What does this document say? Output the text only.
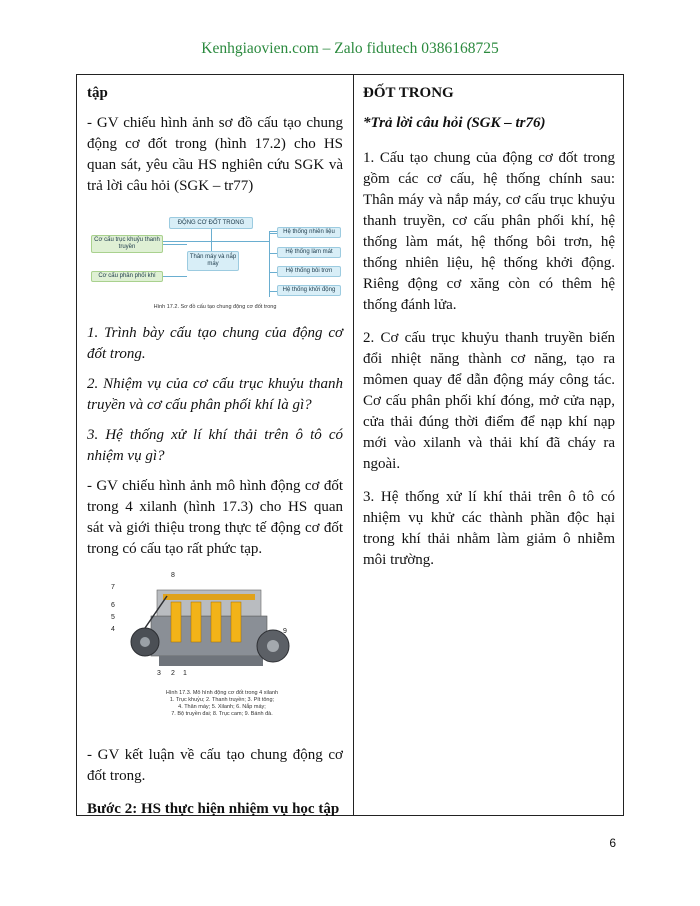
Kenhgiaovien.com – Zalo fidutech 0386168725

tập

- GV chiếu hình ảnh sơ đồ cấu tạo chung động cơ đốt trong (hình 17.2) cho HS quan sát, yêu cầu HS nghiên cứu SGK và trả lời câu hỏi (SGK – tr77)

ĐỘNG CƠ ĐỐT TRONG
Cơ cấu trục khuỷu thanh truyền
Thân máy và nắp máy
Cơ cấu phân phối khí
Hệ thống nhiên liệu
Hệ thống làm mát
Hệ thống bôi trơn
Hệ thống khởi động
Hình 17.2. Sơ đồ cấu tạo chung động cơ đốt trong

1. Trình bày cấu tạo chung của động cơ đốt trong.

2. Nhiệm vụ của cơ cấu trục khuỷu thanh truyền và cơ cấu phân phối khí là gì?

3. Hệ thống xử lí khí thải trên ô tô có nhiệm vụ gì?

- GV chiếu hình ảnh mô hình động cơ đốt trong 4 xilanh (hình 17.3) cho HS quan sát và giới thiệu trong thực tế động cơ đốt trong có cấu tạo rất phức tạp.

7
8
6
5
4	9
3 2 1
Hình 17.3. Mô hình động cơ đốt trong 4 xilanh
1. Trục khuỷu; 2. Thanh truyền; 3. Pít tông;
4. Thân máy; 5. Xilanh; 6. Nắp máy;
7. Bộ truyền đai; 8. Trục cam; 9. Bánh đà.

- GV kết luận về cấu tạo chung động cơ đốt trong.

Bước 2: HS thực hiện nhiệm vụ học tập

ĐỐT TRONG

*Trả lời câu hỏi (SGK – tr76)

1. Cấu tạo chung của động cơ đốt trong gồm các cơ cấu, hệ thống chính sau: Thân máy và nắp máy, cơ cấu trục khuỷu thanh truyền, cơ cấu phân phối khí, hệ thống làm mát, hệ thống bôi trơn, hệ thống nhiên liệu, hệ thống khởi động. Riêng động cơ xăng còn có thêm hệ thống đánh lửa.

2. Cơ cấu trục khuỷu thanh truyền biến đổi nhiệt năng thành cơ năng, tạo ra mômen quay để dẫn động máy công tác. Cơ cấu phân phối khí đóng, mở cửa nạp, cửa thải đúng thời điểm để nạp khí nạp mới vào xilanh và thải khí đã cháy ra ngoài.

3. Hệ thống xử lí khí thải trên ô tô có nhiệm vụ khử các thành phần độc hại trong khí thải nhằm làm giảm ô nhiễm môi trường.

6
